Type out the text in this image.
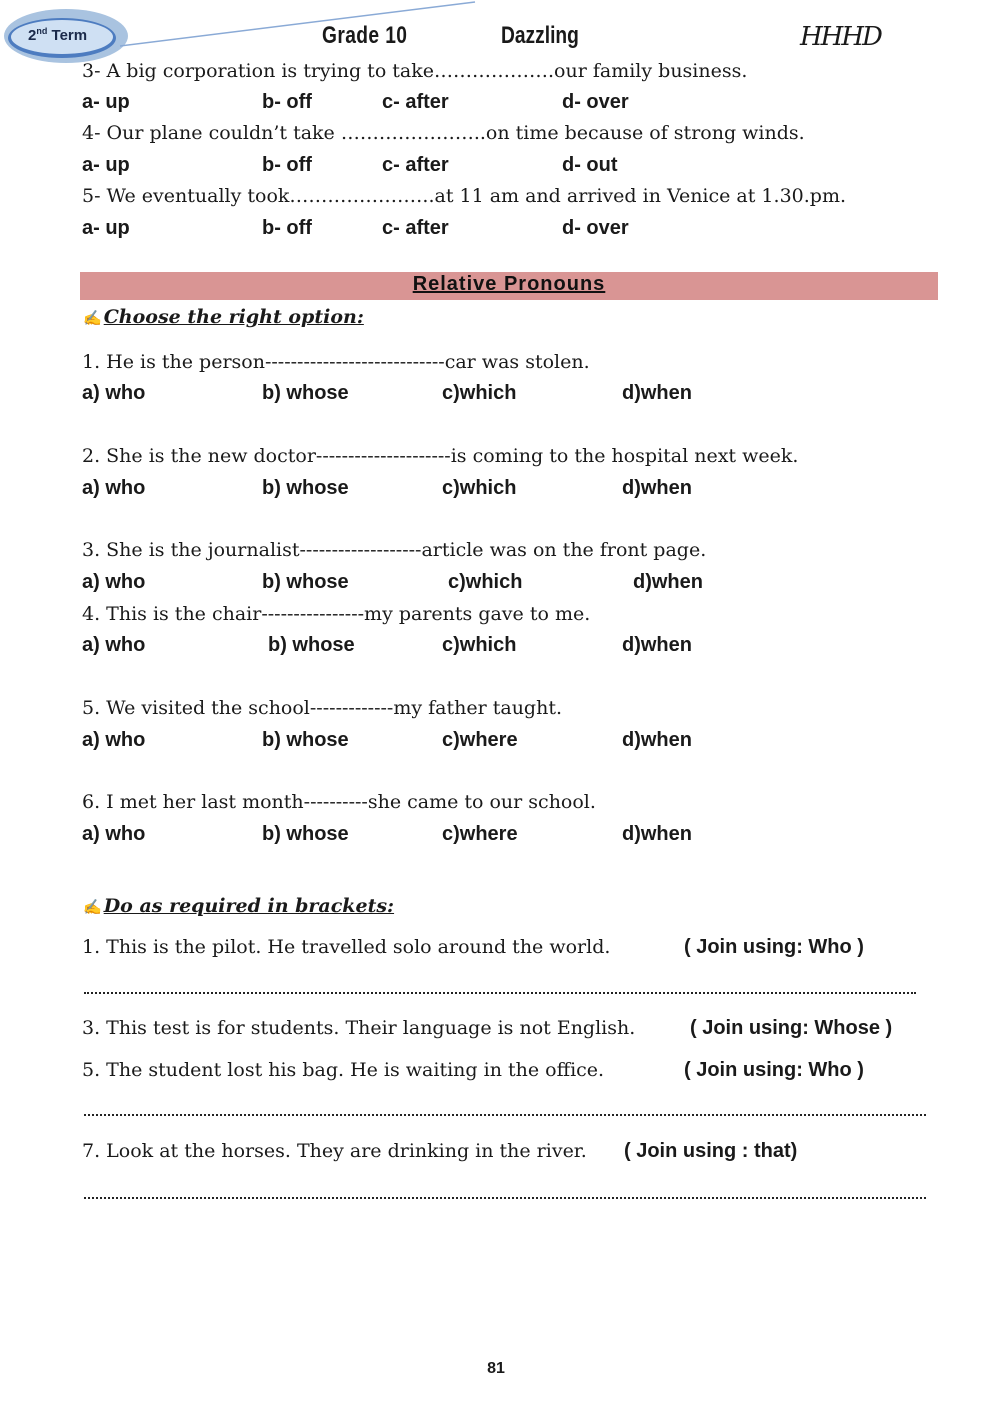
2nd Term	Grade 10	Dazzling	HHHD
3- A big corporation is trying to take……………….our family business.
a- up	b- off	c- after	d- over
4- Our plane couldn’t take …………………..on time because of strong winds.
a- up	b- off	c- after	d- out
5- We eventually took…………………..at 11 am and arrived in Venice at 1.30.pm.
a- up	b- off	c- after	d- over
Relative Pronouns
✍ Choose the right option:
1. He is the person----------------------------car was stolen.
a) who	b) whose	c)which	d)when
2. She is the new doctor---------------------is coming to the hospital next week.
a) who	b) whose	c)which	d)when
3. She is the journalist-------------------article was on the front page.
a) who	b) whose	c)which	d)when
4. This is the chair----------------my parents gave to me.
a) who	b) whose	c)which	d)when
5. We visited the school-------------my father taught.
a) who	b) whose	c)where	d)when
6. I met her last month----------she came to our school.
a) who	b) whose	c)where	d)when
✍ Do as required in brackets:
1. This is the pilot. He travelled solo around the world.	( Join using: Who )
3. This test is for students. Their language is not English.	( Join using: Whose )
5. The student lost his bag. He is waiting in the office.	( Join using: Who )
7. Look at the horses. They are drinking in the river. ( Join using : that)
81
